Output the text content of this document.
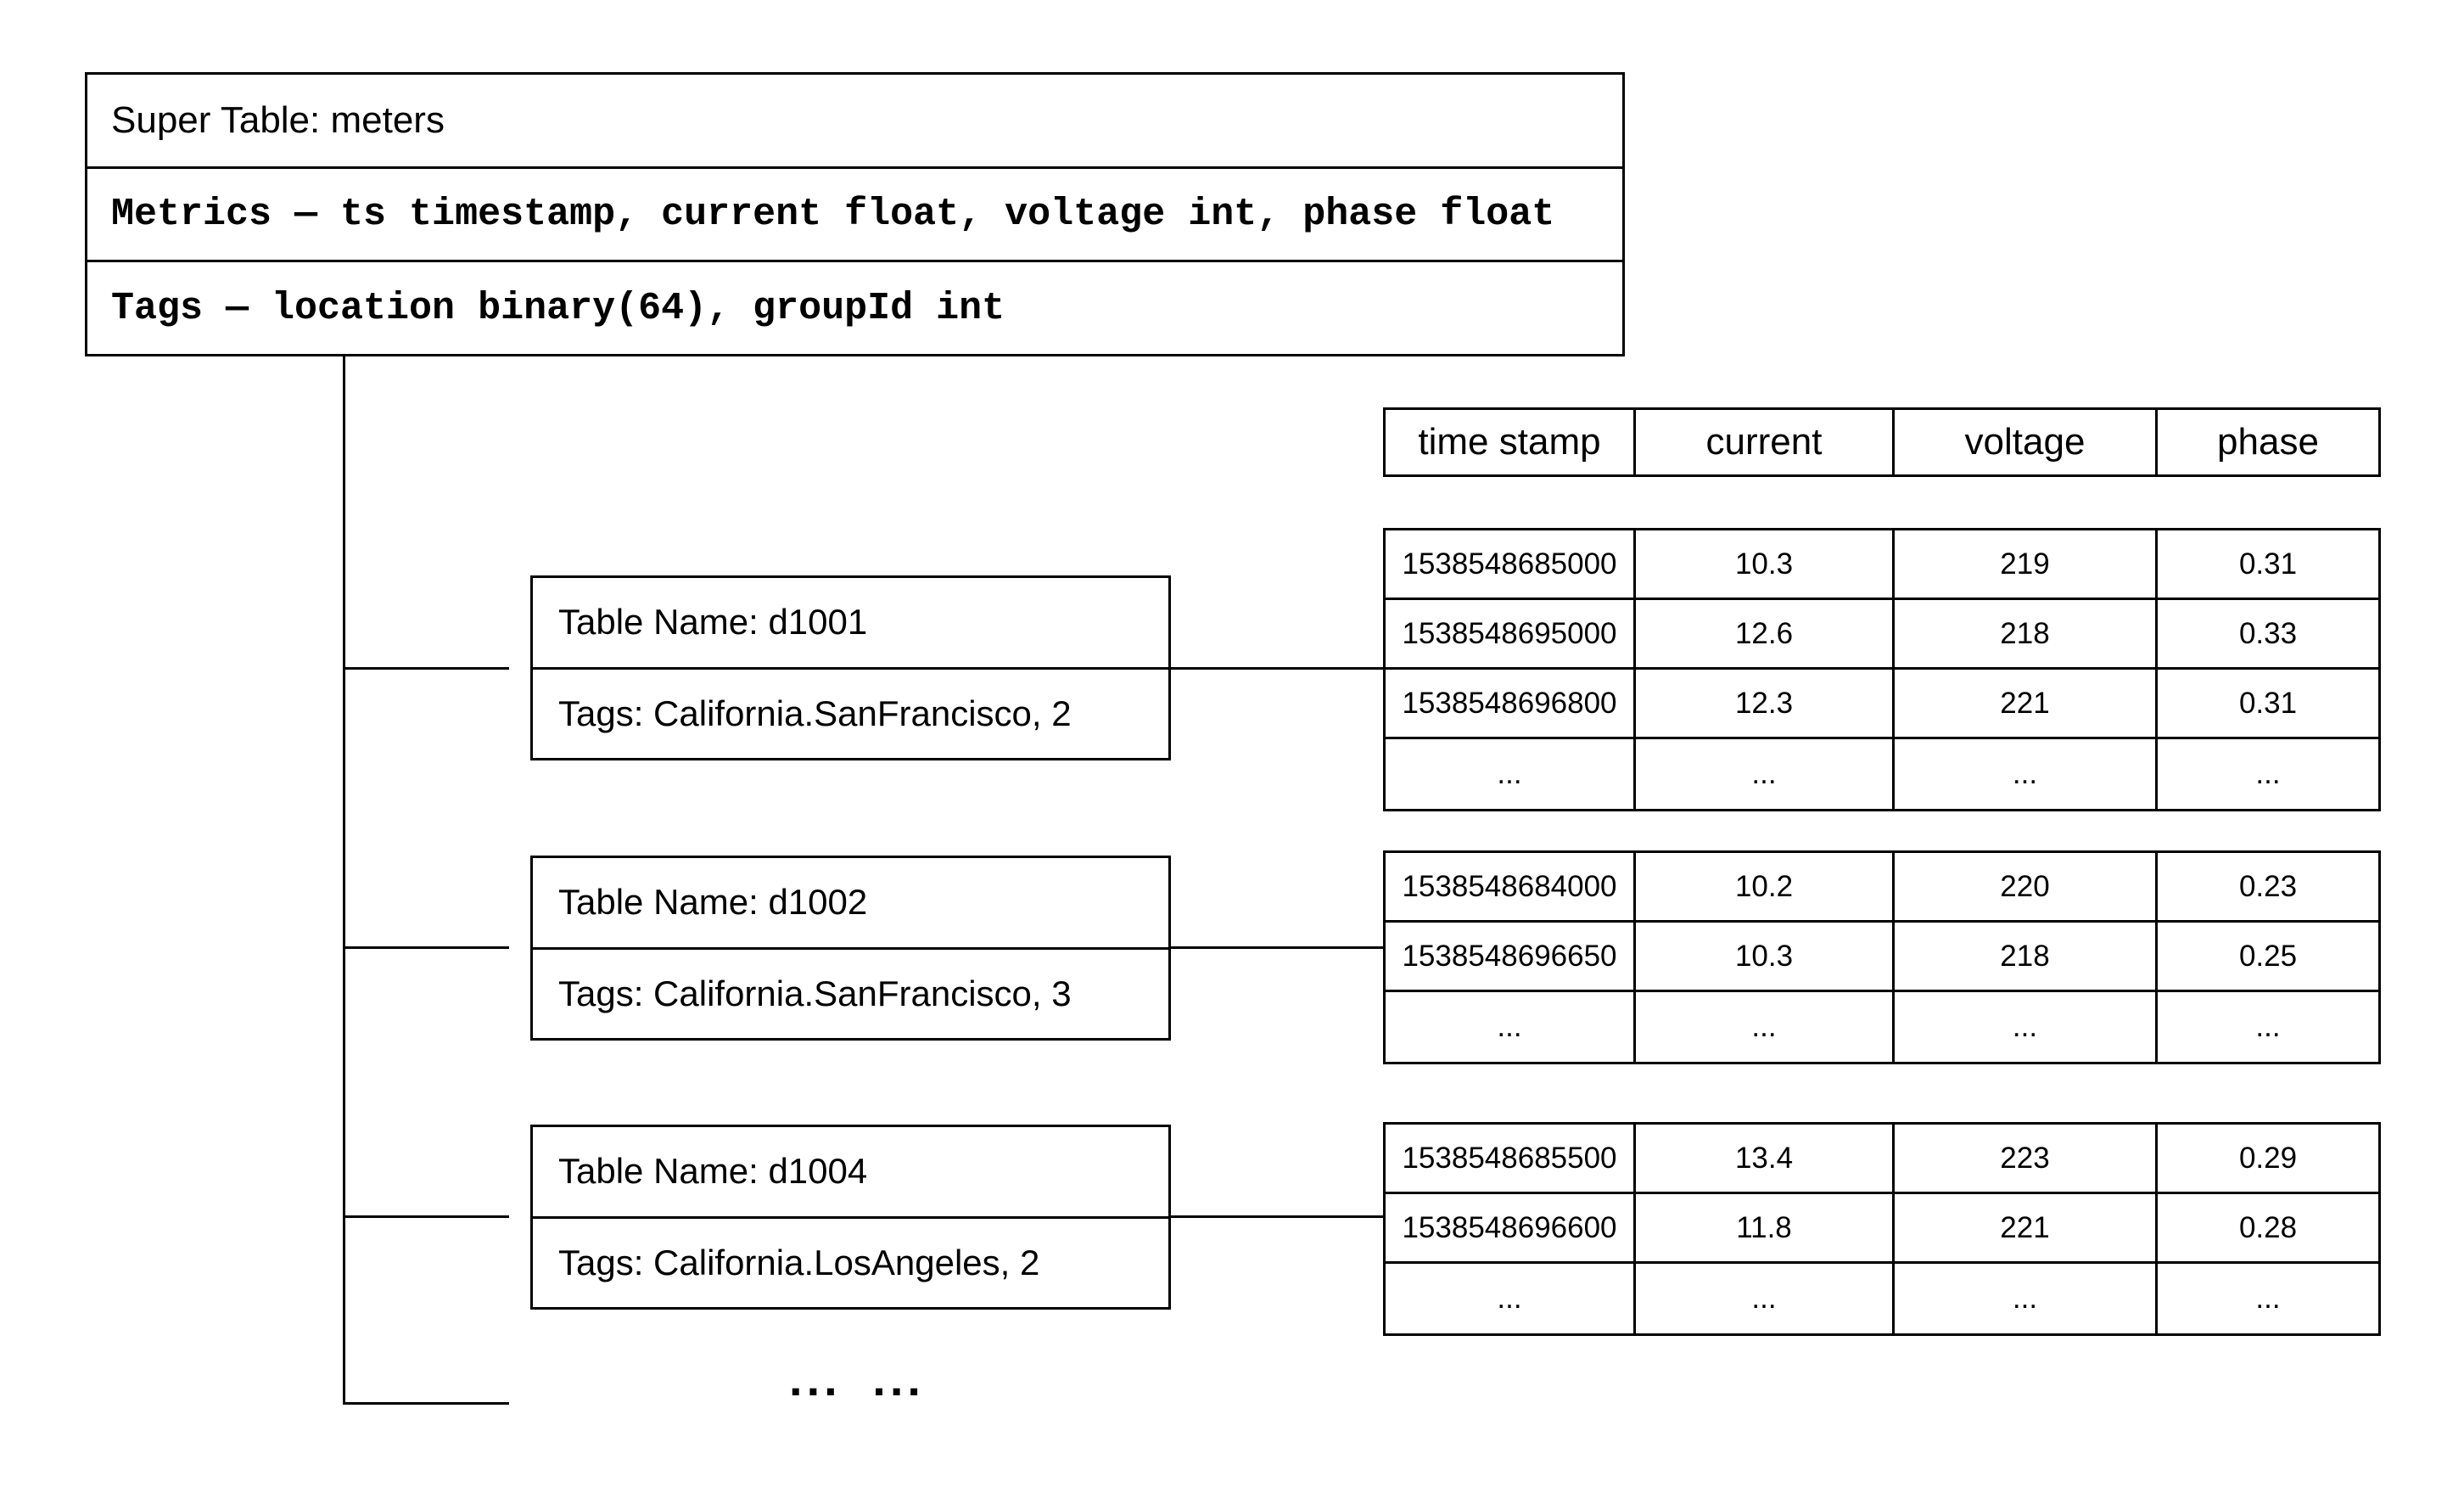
Super Table: meters
Metrics — ts timestamp, current float, voltage int, phase float
Tags — location binary(64), groupId int
time stamp	current	voltage	phase
Table Name: d1001
Tags: California.SanFrancisco, 2
1538548685000	10.3	219	0.31
1538548695000	12.6	218	0.33
1538548696800	12.3	221	0.31
...	...	...	...
Table Name: d1002
Tags: California.SanFrancisco, 3
1538548684000	10.2	220	0.23
1538548696650	10.3	218	0.25
...	...	...	...
Table Name: d1004
Tags: California.LosAngeles, 2
1538548685500	13.4	223	0.29
1538548696600	11.8	221	0.28
...	...	...	...
... ...
